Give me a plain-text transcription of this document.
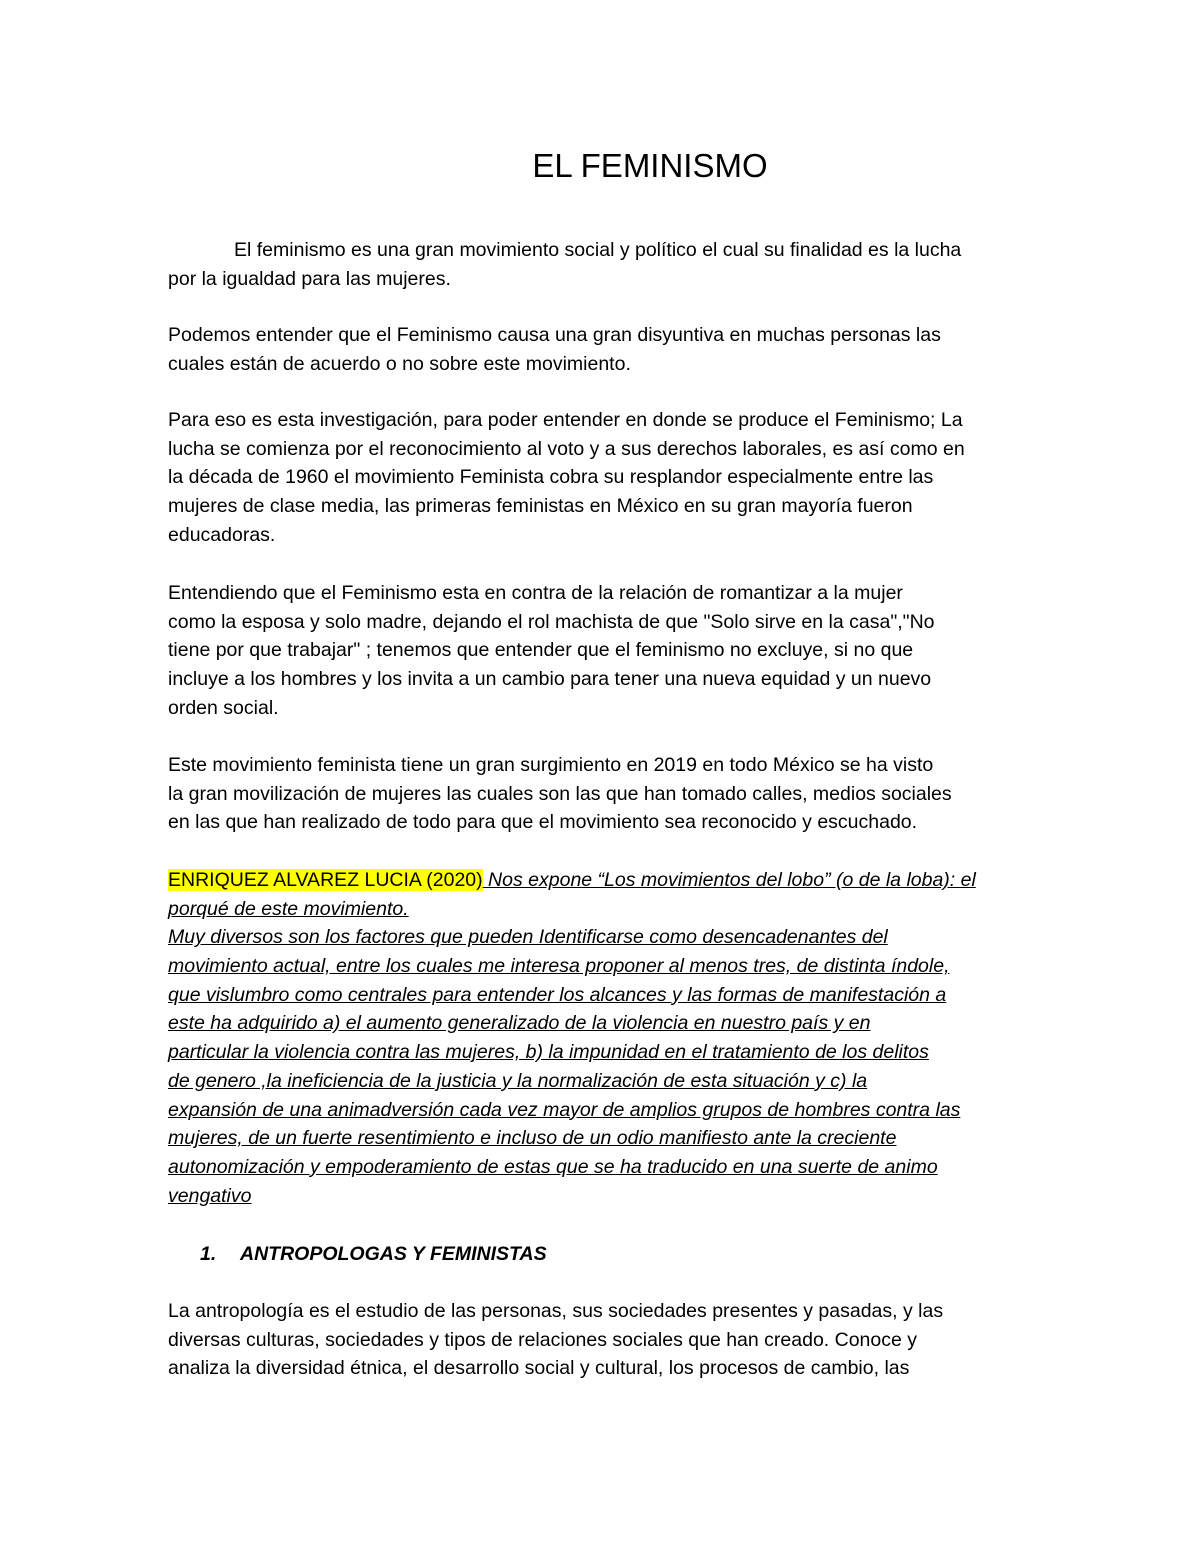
EL FEMINISMO
El feminismo es una gran movimiento social y político el cual su finalidad es la lucha
por la igualdad para las mujeres.
Podemos entender que el Feminismo causa una gran disyuntiva en muchas personas las
cuales están de acuerdo o no sobre este movimiento.
Para eso es esta investigación, para poder entender en donde se produce el Feminismo; La
lucha se comienza por el reconocimiento al voto y a sus derechos laborales, es así como en
la década de 1960 el movimiento Feminista cobra su resplandor especialmente entre las
mujeres de clase media, las primeras feministas en México en su gran mayoría fueron
educadoras.
Entendiendo que el Feminismo esta en contra de la relación de romantizar a la mujer
como la esposa y solo madre, dejando el rol machista de que "Solo sirve en la casa","No
tiene por que trabajar" ; tenemos que entender que el feminismo no excluye, si no que
incluye a los hombres y los invita a un cambio para tener una nueva equidad y un nuevo
orden social.
Este movimiento feminista tiene un gran surgimiento en 2019 en todo México se ha visto
la gran movilización de mujeres las cuales son las que han tomado calles, medios sociales
en las que han realizado de todo para que el movimiento sea reconocido y escuchado.
ENRIQUEZ ALVAREZ LUCIA (2020) Nos expone “Los movimientos del lobo” (o de la loba): el
porqué de este movimiento.
Muy diversos son los factores que pueden Identificarse como desencadenantes del
movimiento actual, entre los cuales me interesa proponer al menos tres, de distinta índole,
que vislumbro como centrales para entender los alcances y las formas de manifestación a
este ha adquirido a) el aumento generalizado de la violencia en nuestro país y en
particular la violencia contra las mujeres, b) la impunidad en el tratamiento de los delitos
de genero ,la ineficiencia de la justicia y la normalización de esta situación y c) la
expansión de una animadversión cada vez mayor de amplios grupos de hombres contra las
mujeres, de un fuerte resentimiento e incluso de un odio manifiesto ante la creciente
autonomización y empoderamiento de estas que se ha traducido en una suerte de animo
vengativo
1. ANTROPOLOGAS Y FEMINISTAS
La antropología es el estudio de las personas, sus sociedades presentes y pasadas, y las
diversas culturas, sociedades y tipos de relaciones sociales que han creado. Conoce y
analiza la diversidad étnica, el desarrollo social y cultural, los procesos de cambio, las
